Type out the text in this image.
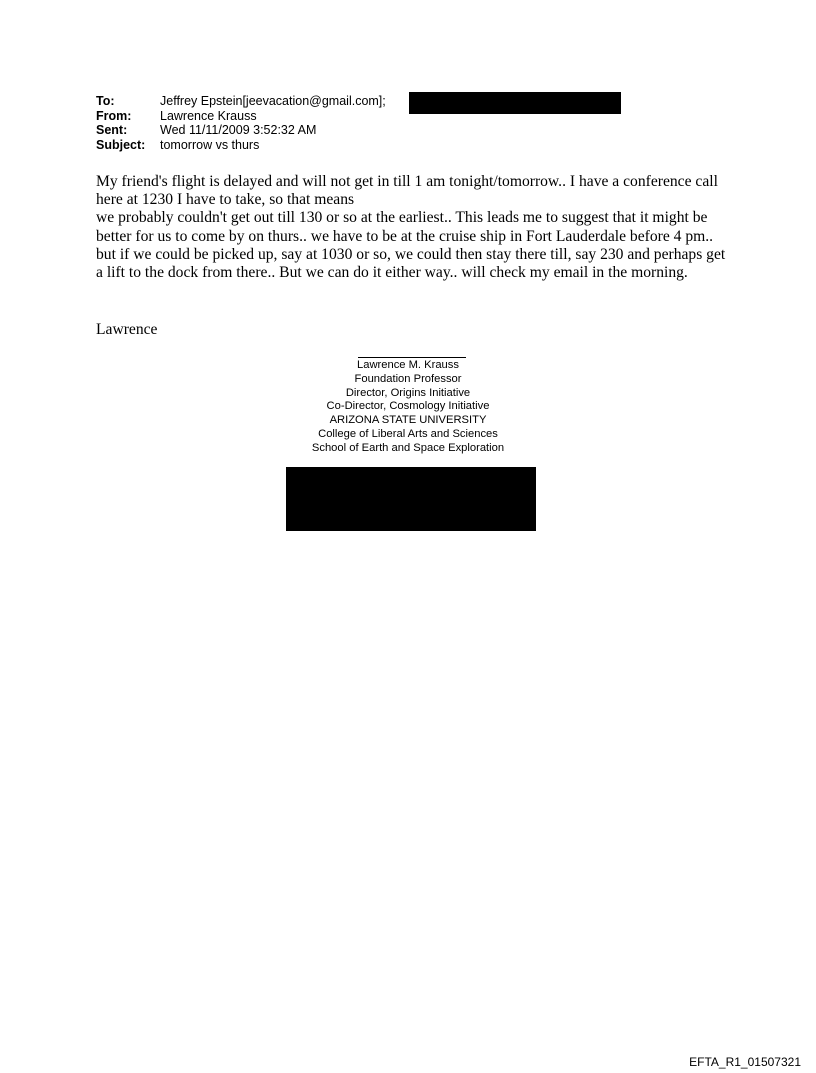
To:	Jeffrey Epstein[jeevacation@gmail.com];
From:	Lawrence Krauss
Sent:	Wed 11/11/2009 3:52:32 AM
Subject:	tomorrow vs thurs

My friend's flight is delayed and will not get in till 1 am tonight/tomorrow.. I have a conference call here at 1230 I have to take, so that means

we probably couldn't get out till 130 or so at the earliest.. This leads me to suggest that it might be better for us to come by on thurs.. we have to be at the cruise ship in Fort Lauderdale before 4 pm.. but if we could be picked up, say at 1030 or so, we could then stay there till, say 230 and perhaps get a lift to the dock from there.. But we can do it either way.. will check my email in the morning.

Lawrence
Lawrence M. Krauss
Foundation Professor
Director, Origins Initiative
Co-Director, Cosmology Initiative
ARIZONA STATE UNIVERSITY
College of Liberal Arts and Sciences
School of Earth and Space Exploration
EFTA_R1_01507321
